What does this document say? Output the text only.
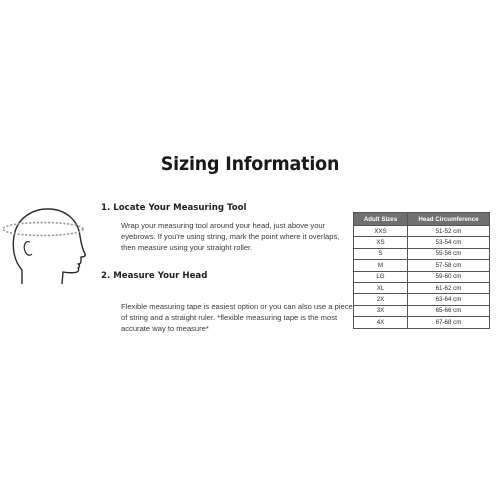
Sizing Information
1. Locate Your Measuring Tool
Wrap your measuring tool around your head, just above your eyebrows. If you're using string, mark the point where it overlaps, then measure using your straight roller.
2. Measure Your Head
Flexible measuring tape is easiest option or you can also use a piece of string and a straight ruler. *flexible measuring tape is the most accurate way to measure*
Adult Sizes	Head Circumference
XXS	51-52 cm
XS	53-54 cm
S	55-56 cm
M	57-58 cm
LG	59-60 cm
XL	61-62 cm
2X	63-64 cm
3X	65-66 cm
4X	67-68 cm
